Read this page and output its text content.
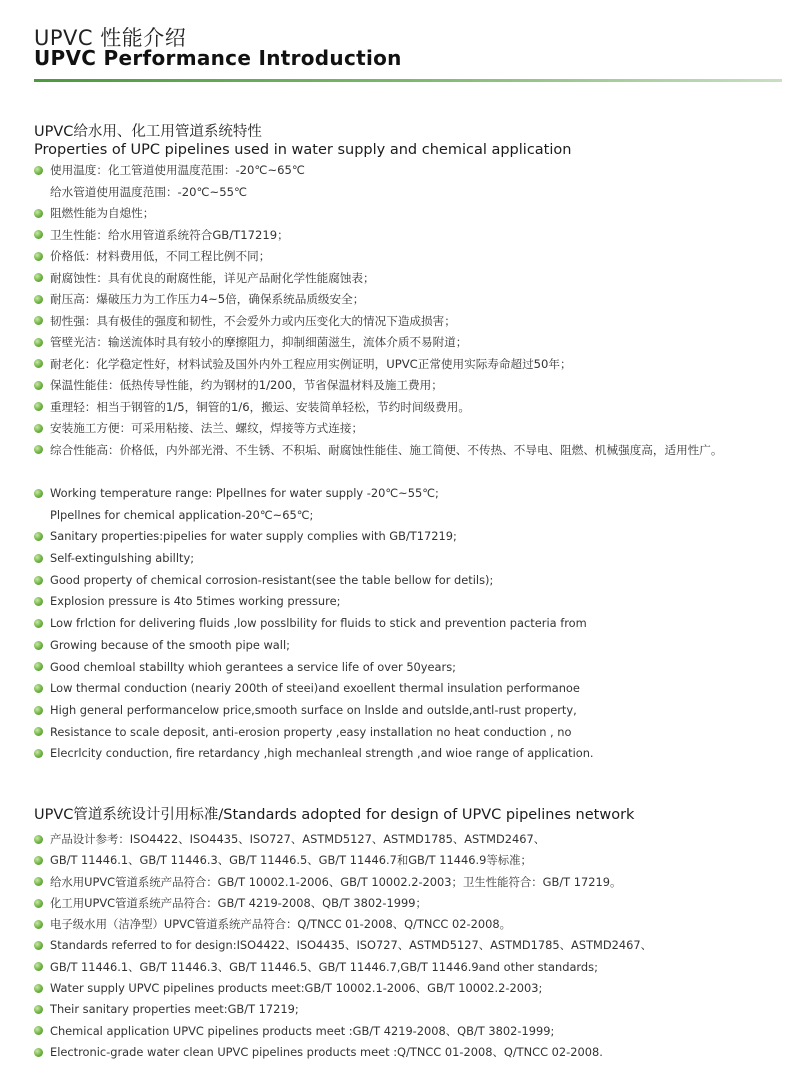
UPVC 性能介绍
UPVC Performance Introduction
UPVC给水用、化工用管道系统特性
Properties of UPC pipelines used in water supply and chemical application
使用温度：化工管道使用温度范围：-20℃~65℃
给水管道使用温度范围：-20℃~55℃
阻燃性能为自熄性；
卫生性能：给水用管道系统符合GB/T17219；
价格低：材料费用低，不同工程比例不同；
耐腐蚀性：具有优良的耐腐性能，详见产品耐化学性能腐蚀表；
耐压高：爆破压力为工作压力4~5倍，确保系统品质级安全；
韧性强：具有极佳的强度和韧性，不会爱外力或内压变化大的情况下造成损害；
管壁光洁：输送流体时具有较小的摩擦阻力，抑制细菌滋生，流体介质不易附道；
耐老化：化学稳定性好，材料试验及国外内外工程应用实例证明，UPVC正常使用实际寿命超过50年；
保温性能佳：低热传导性能，约为钢材的1/200，节省保温材料及施工费用；
重理轻：相当于钢管的1/5，铜管的1/6，搬运、安装简单轻松，节约时间级费用。
安装施工方便：可采用粘接、法兰、螺纹，焊接等方式连接；
综合性能高：价格低，内外部光滑、不生锈、不积垢、耐腐蚀性能佳、施工简便、不传热、不导电、阻燃、机械强度高，适用性广。
Working temperature range: Plpellnes for water supply -20℃~55℃;
Plpellnes for chemical application-20℃~65℃;
Sanitary properties:pipelies for water supply complies with GB/T17219;
Self-extingulshing abillty;
Good property of chemical corrosion-resistant(see the table bellow for detils);
Explosion pressure is 4to 5times working pressure;
Low frlction for delivering fluids ,low posslbility for fluids to stick and prevention pacteria from
Growing because of the smooth pipe wall;
Good chemloal stabillty whioh gerantees a service life of over 50years;
Low thermal conduction (neariy 200th of steei)and exoellent thermal insulation performanoe
High general performancelow price,smooth surface on lnslde and outslde,antl-rust property,
Resistance to scale deposit, anti-erosion property ,easy installation no heat conduction , no
Elecrlcity conduction, fire retardancy ,high mechanleal strength ,and wioe range of application.
UPVC管道系统设计引用标准/Standards adopted for design of UPVC pipelines network
产品设计参考：ISO4422、ISO4435、ISO727、ASTMD5127、ASTMD1785、ASTMD2467、
GB/T 11446.1、GB/T 11446.3、GB/T 11446.5、GB/T 11446.7和GB/T 11446.9等标准；
给水用UPVC管道系统产品符合：GB/T 10002.1-2006、GB/T 10002.2-2003；卫生性能符合：GB/T 17219。
化工用UPVC管道系统产品符合：GB/T 4219-2008、QB/T 3802-1999；
电子级水用（洁净型）UPVC管道系统产品符合：Q/TNCC 01-2008、Q/TNCC 02-2008。
Standards referred to for design:ISO4422、ISO4435、ISO727、ASTMD5127、ASTMD1785、ASTMD2467、
GB/T 11446.1、GB/T 11446.3、GB/T 11446.5、GB/T 11446.7,GB/T 11446.9and other standards;
Water supply UPVC pipelines products meet:GB/T 10002.1-2006、GB/T 10002.2-2003;
Their sanitary properties meet:GB/T 17219;
Chemical application UPVC pipelines products meet :GB/T 4219-2008、QB/T 3802-1999;
Electronic-grade water clean UPVC pipelines products meet :Q/TNCC 01-2008、Q/TNCC 02-2008.
